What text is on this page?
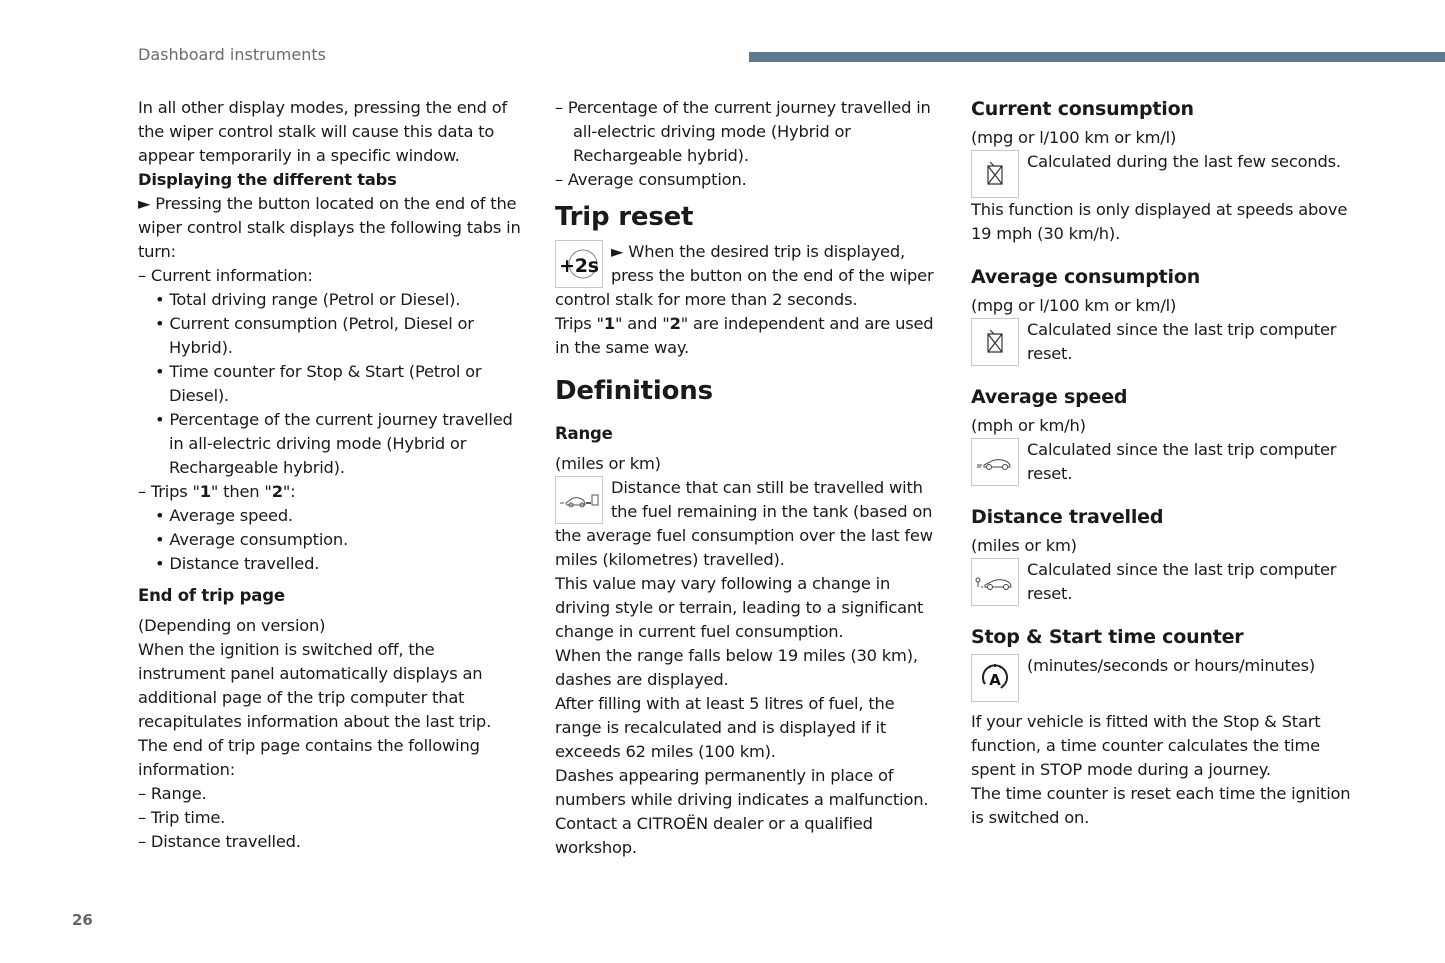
Dashboard instruments

In all other display modes, pressing the end of the wiper control stalk will cause this data to appear temporarily in a specific window.

Displaying the different tabs

► Pressing the button located on the end of the wiper control stalk displays the following tabs in turn:

– Current information:

• Total driving range (Petrol or Diesel).

• Current consumption (Petrol, Diesel or Hybrid).

• Time counter for Stop & Start (Petrol or Diesel).

• Percentage of the current journey travelled in all-electric driving mode (Hybrid or Rechargeable hybrid).

– Trips "1" then "2":

• Average speed.

• Average consumption.

• Distance travelled.

End of trip page

(Depending on version)

When the ignition is switched off, the instrument panel automatically displays an additional page of the trip computer that recapitulates information about the last trip.

The end of trip page contains the following information:

– Range.

– Trip time.

– Distance travelled.

– Percentage of the current journey travelled in all-electric driving mode (Hybrid or Rechargeable hybrid).

– Average consumption.

Trip reset
+2s

► When the desired trip is displayed, press the button on the end of the wiper control stalk for more than 2 seconds.

Trips "1" and "2" are independent and are used in the same way.

Definitions
Range

(miles or km)

Distance that can still be travelled with the fuel remaining in the tank (based on the average fuel consumption over the last few miles (kilometres) travelled).

This value may vary following a change in driving style or terrain, leading to a significant change in current fuel consumption.

When the range falls below 19 miles (30 km), dashes are displayed.

After filling with at least 5 litres of fuel, the range is recalculated and is displayed if it exceeds 62 miles (100 km).

Dashes appearing permanently in place of numbers while driving indicates a malfunction. Contact a CITROËN dealer or a qualified workshop.

Current consumption

(mpg or l/100 km or km/l)

Calculated during the last few seconds.

This function is only displayed at speeds above 19 mph (30 km/h).

Average consumption

(mpg or l/100 km or km/l)

Calculated since the last trip computer reset.

Average speed

(mph or km/h)

Calculated since the last trip computer reset.

Distance travelled

(miles or km)

Calculated since the last trip computer reset.

Stop & Start time counter
A

(minutes/seconds or hours/minutes)

If your vehicle is fitted with the Stop & Start function, a time counter calculates the time spent in STOP mode during a journey.

The time counter is reset each time the ignition is switched on.

26
